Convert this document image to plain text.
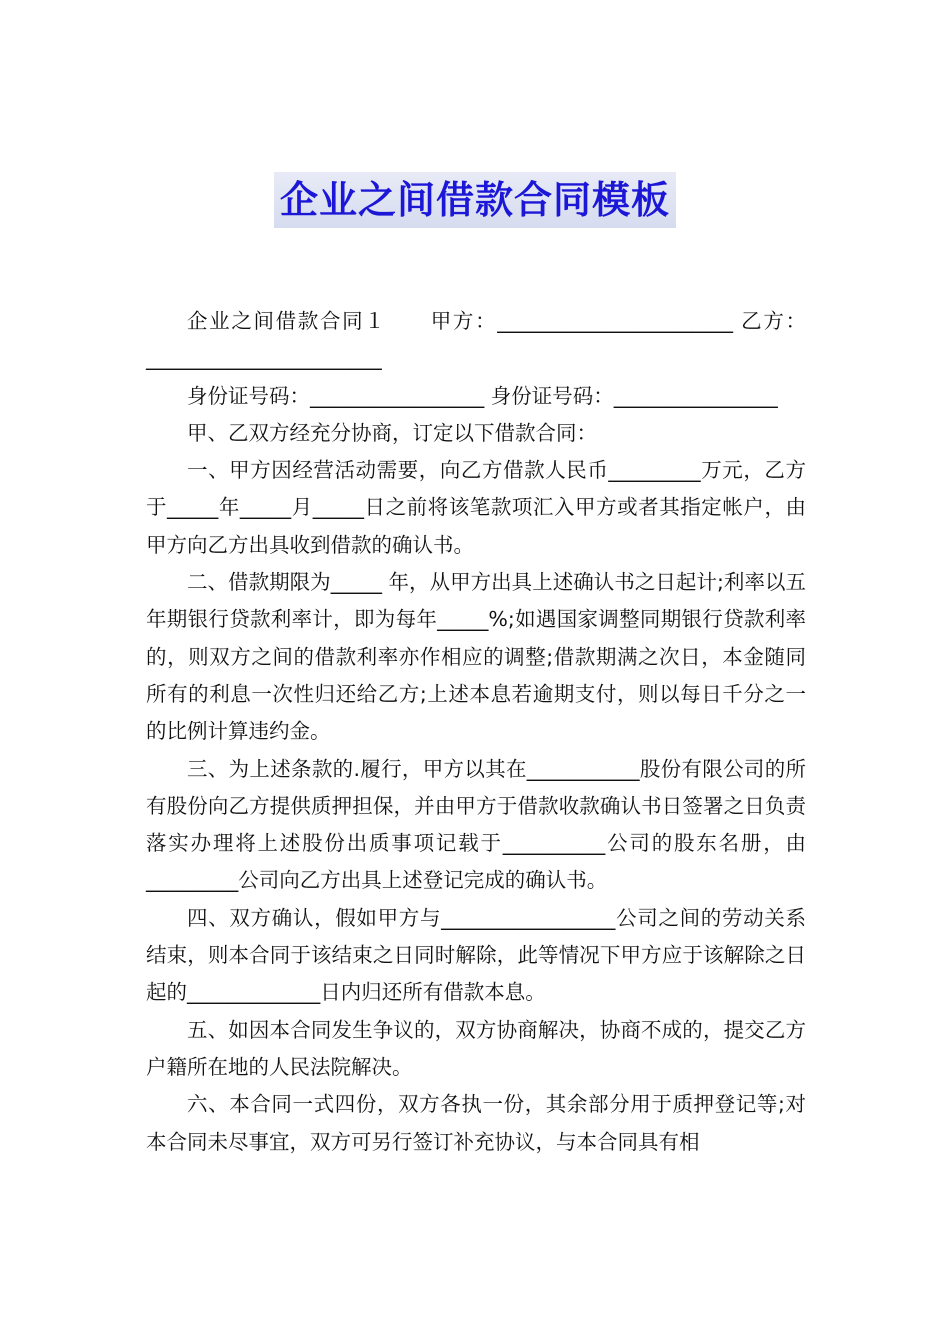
企业之间借款合同模板

企业之间借款合同１　　甲方：_______________________ 乙方：_______________________

身份证号码：_________________ 身份证号码：________________

甲、乙双方经充分协商，订定以下借款合同：

一、甲方因经营活动需要，向乙方借款人民币_________万元，乙方于_____年_____月_____日之前将该笔款项汇入甲方或者其指定帐户，由甲方向乙方出具收到借款的确认书。

二、借款期限为_____ 年，从甲方出具上述确认书之日起计;利率以五年期银行贷款利率计，即为每年_____%;如遇国家调整同期银行贷款利率的，则双方之间的借款利率亦作相应的调整;借款期满之次日，本金随同所有的利息一次性归还给乙方;上述本息若逾期支付，则以每日千分之一的比例计算违约金。

三、为上述条款的.履行，甲方以其在___________股份有限公司的所有股份向乙方提供质押担保，并由甲方于借款收款确认书日签署之日负责落实办理将上述股份出质事项记载于__________公司的股东名册，由_________公司向乙方出具上述登记完成的确认书。

四、双方确认，假如甲方与_________________公司之间的劳动关系结束，则本合同于该结束之日同时解除，此等情况下甲方应于该解除之日起的_____________日内归还所有借款本息。

五、如因本合同发生争议的，双方协商解决，协商不成的，提交乙方户籍所在地的人民法院解决。

六、本合同一式四份，双方各执一份，其余部分用于质押登记等;对本合同未尽事宜，双方可另行签订补充协议，与本合同具有相
